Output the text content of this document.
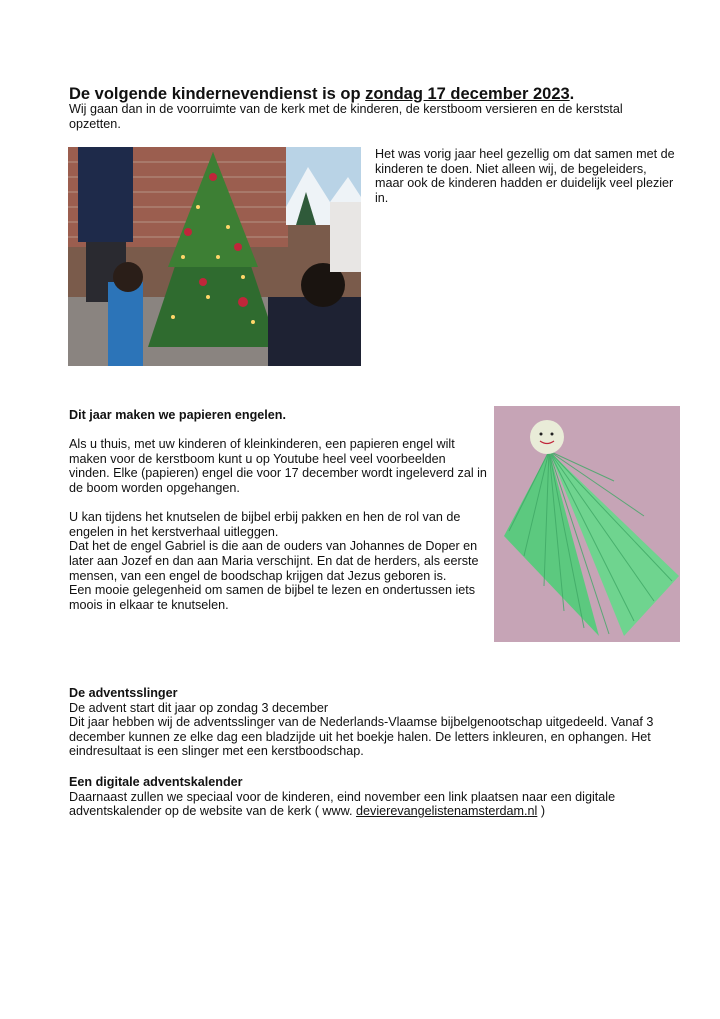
De volgende kindernevendienst is op zondag 17 december 2023.
Wij gaan dan in de voorruimte van de kerk met de kinderen, de kerstboom versieren en de kerststal opzetten.
Het was vorig jaar heel gezellig om dat samen met de kinderen te doen. Niet alleen wij, de begeleiders, maar ook de kinderen hadden er duidelijk veel plezier in.
Dit jaar maken we papieren engelen.
Als u thuis, met uw kinderen of kleinkinderen, een papieren engel wilt maken voor de kerstboom kunt u op Youtube heel veel voorbeelden vinden. Elke (papieren) engel die voor 17 december wordt ingeleverd zal in de boom worden opgehangen.
U kan tijdens het knutselen de bijbel erbij pakken en hen de rol van de engelen in het kerstverhaal uitleggen.
Dat het de engel Gabriel is die aan de ouders van Johannes de Doper en later aan Jozef en dan aan Maria verschijnt. En dat de herders, als eerste mensen, van een engel de boodschap krijgen dat Jezus geboren is.
Een mooie gelegenheid om samen de bijbel te lezen en ondertussen iets moois in elkaar te knutselen.
De adventsslinger
De advent start dit jaar op zondag 3 december
Dit jaar hebben wij de adventsslinger van de Nederlands-Vlaamse bijbelgenootschap uitgedeeld. Vanaf 3 december kunnen ze elke dag een bladzijde uit het boekje halen. De letters inkleuren, en ophangen. Het eindresultaat is een slinger met een kerstboodschap.
Een digitale adventskalender
Daarnaast zullen we speciaal voor de kinderen, eind november een link plaatsen naar een digitale adventskalender op de website van de kerk ( www. devierevangelistenamsterdam.nl )
